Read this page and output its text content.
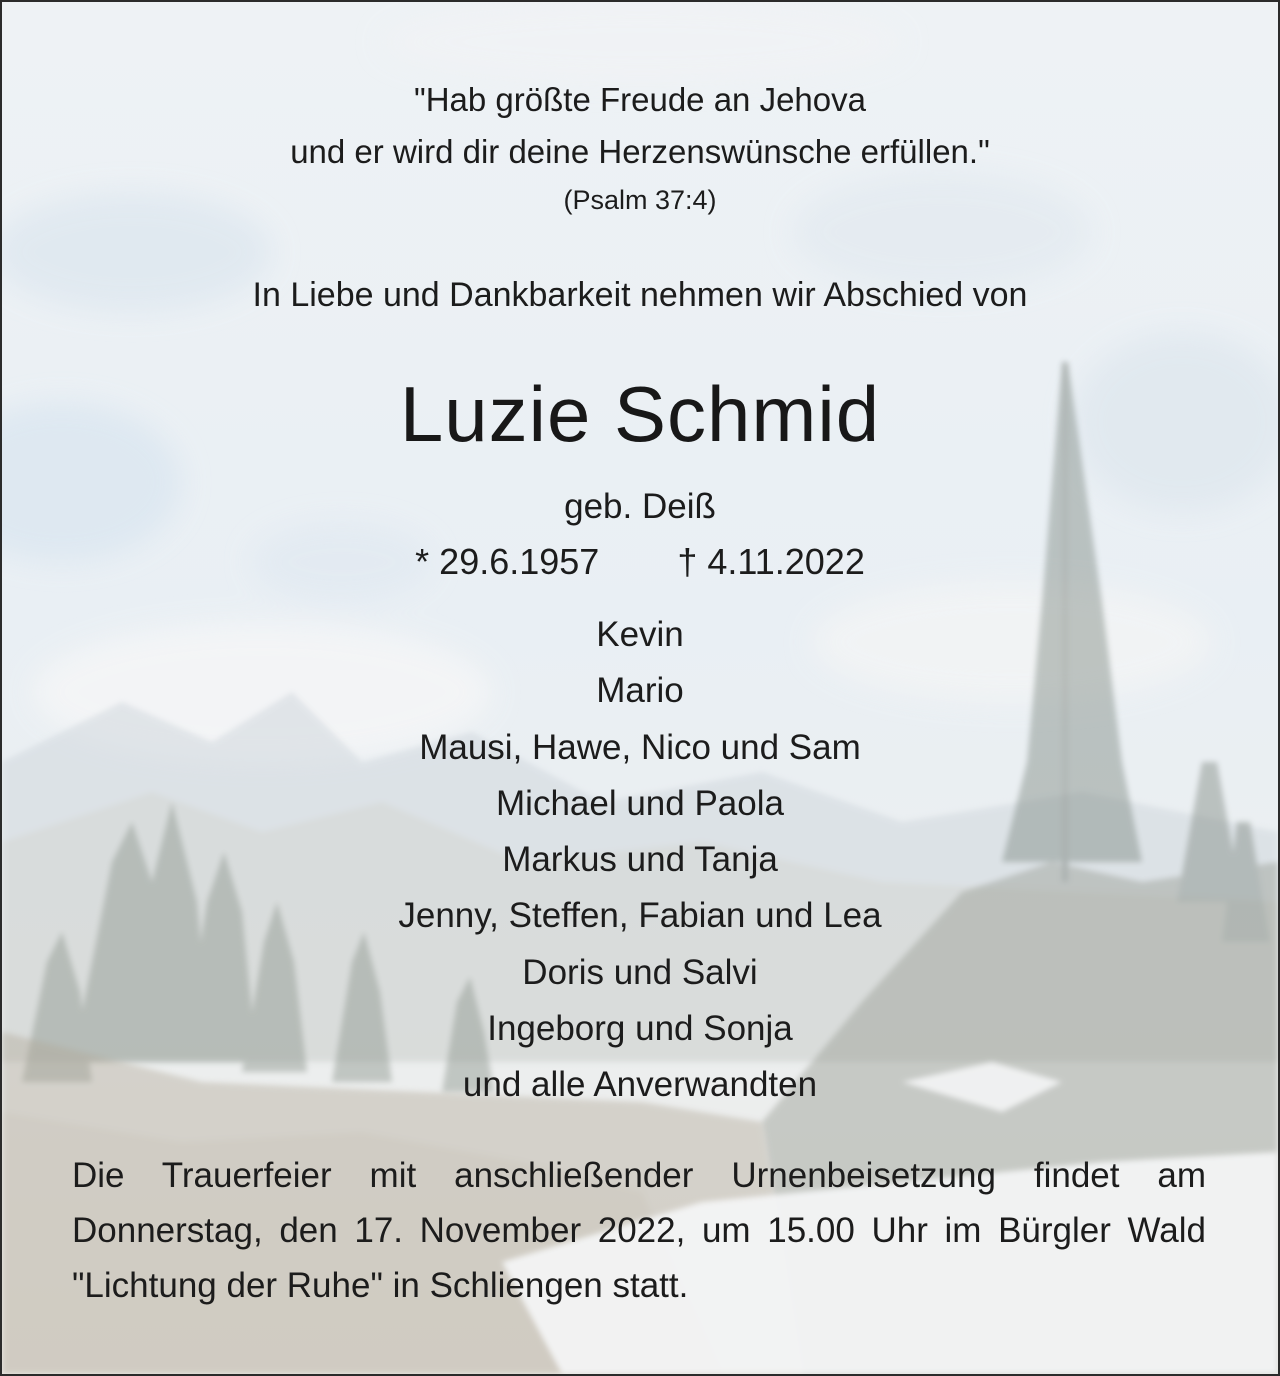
"Hab größte Freude an Jehova
und er wird dir deine Herzenswünsche erfüllen."
(Psalm 37:4)
In Liebe und Dankbarkeit nehmen wir Abschied von
Luzie Schmid
geb. Deiß
* 29.6.1957 † 4.11.2022
Kevin
Mario
Mausi, Hawe, Nico und Sam
Michael und Paola
Markus und Tanja
Jenny, Steffen, Fabian und Lea
Doris und Salvi
Ingeborg und Sonja
und alle Anverwandten

Die Trauerfeier mit anschließender Urnenbeisetzung findet am Donnerstag, den 17. November 2022, um 15.00 Uhr im Bürgler Wald "Lichtung der Ruhe" in Schliengen statt.
